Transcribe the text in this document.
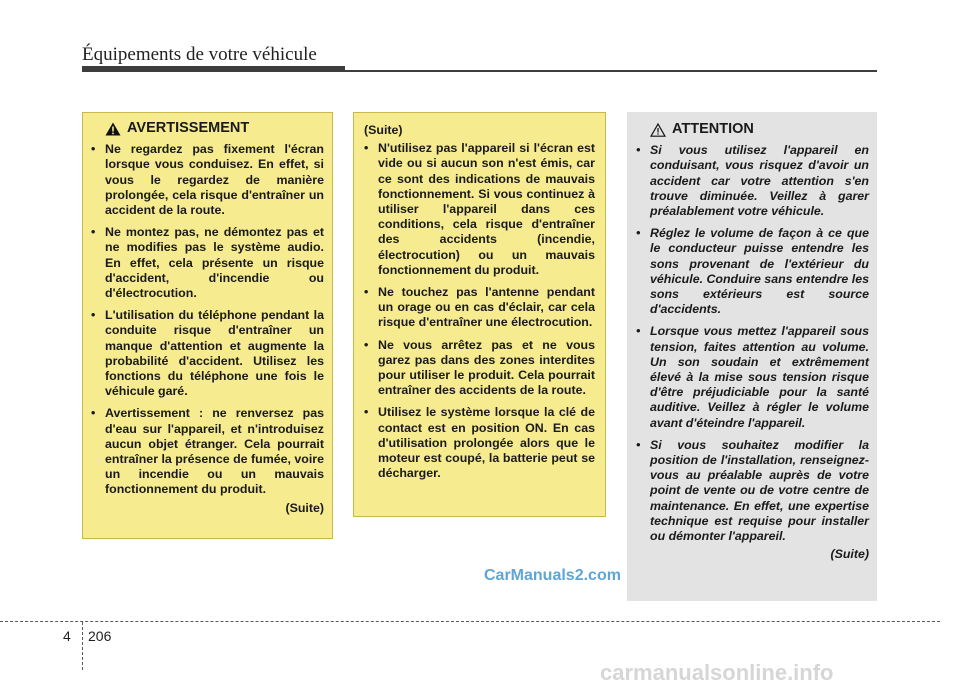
Équipements de votre véhicule
AVERTISSEMENT
• Ne regardez pas fixement l'écran lorsque vous conduisez. En effet, si vous le regardez de manière prolongée, cela risque d'entraîner un accident de la route.
• Ne montez pas, ne démontez pas et ne modifies pas le système audio. En effet, cela présente un risque d'accident, d'incendie ou d'électrocution.
• L'utilisation du téléphone pendant la conduite risque d'entraîner un manque d'attention et augmente la probabilité d'accident. Utilisez les fonctions du téléphone une fois le véhicule garé.
• Avertissement : ne renversez pas d'eau sur l'appareil, et n'introduisez aucun objet étranger. Cela pourrait entraîner la présence de fumée, voire un incendie ou un mauvais fonctionnement du produit.
(Suite)
(Suite)
• N'utilisez pas l'appareil si l'écran est vide ou si aucun son n'est émis, car ce sont des indications de mauvais fonctionnement. Si vous continuez à utiliser l'appareil dans ces conditions, cela risque d'entraîner des accidents (incendie, électrocution) ou un mauvais fonctionnement du produit.
• Ne touchez pas l'antenne pendant un orage ou en cas d'éclair, car cela risque d'entraîner une électrocution.
• Ne vous arrêtez pas et ne vous garez pas dans des zones interdites pour utiliser le produit. Cela pourrait entraîner des accidents de la route.
• Utilisez le système lorsque la clé de contact est en position ON. En cas d'utilisation prolongée alors que le moteur est coupé, la batterie peut se décharger.
ATTENTION
• Si vous utilisez l'appareil en conduisant, vous risquez d'avoir un accident car votre attention s'en trouve diminuée. Veillez à garer préalablement votre véhicule.
• Réglez le volume de façon à ce que le conducteur puisse entendre les sons provenant de l'extérieur du véhicule. Conduire sans entendre les sons extérieurs est source d'accidents.
• Lorsque vous mettez l'appareil sous tension, faites attention au volume. Un son soudain et extrêmement élevé à la mise sous tension risque d'être préjudiciable pour la santé auditive. Veillez à régler le volume avant d'éteindre l'appareil.
• Si vous souhaitez modifier la position de l'installation, renseignez-vous au préalable auprès de votre point de vente ou de votre centre de maintenance. En effet, une expertise technique est requise pour installer ou démonter l'appareil.
(Suite)
CarManuals2.com
4 206
carmanualsonline.info
